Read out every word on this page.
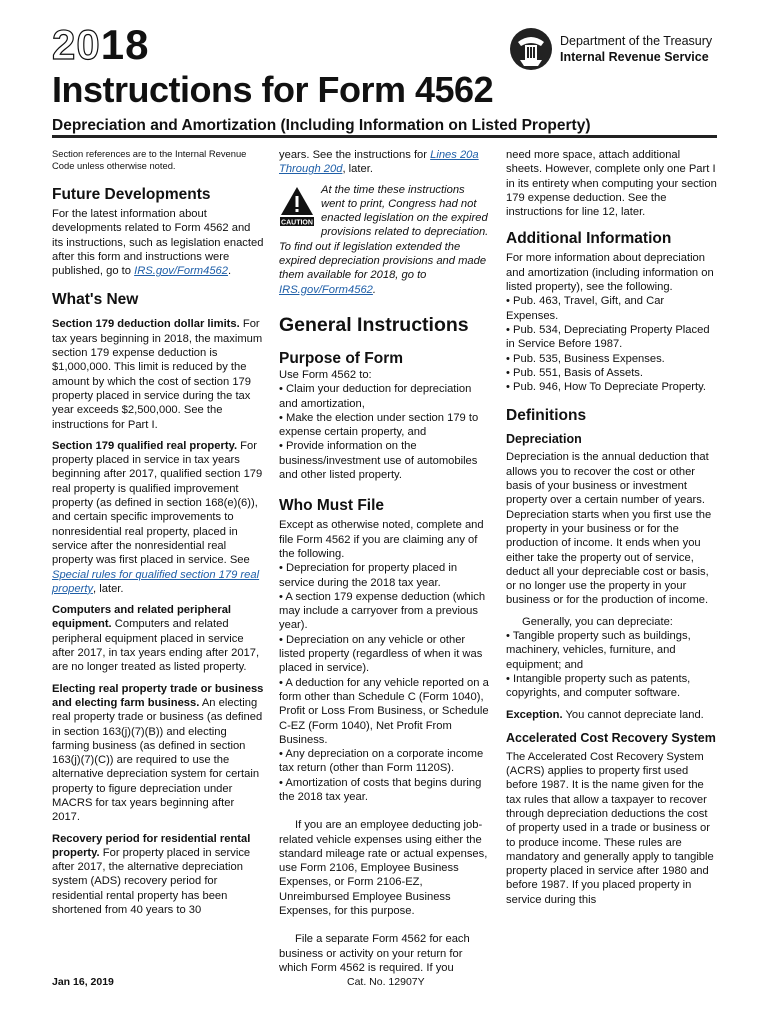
2018
Instructions for Form 4562
Depreciation and Amortization (Including Information on Listed Property)
Department of the Treasury
Internal Revenue Service

Section references are to the Internal Revenue Code unless otherwise noted.

Future Developments

For the latest information about developments related to Form 4562 and its instructions, such as legislation enacted after this form and instructions were published, go to IRS.gov/Form4562.

What's New

Section 179 deduction dollar limits. For tax years beginning in 2018, the maximum section 179 expense deduction is $1,000,000. This limit is reduced by the amount by which the cost of section 179 property placed in service during the tax year exceeds $2,500,000. See the instructions for Part I.

Section 179 qualified real property. For property placed in service in tax years beginning after 2017, qualified section 179 real property is qualified improvement property (as defined in section 168(e)(6)), and certain specific improvements to nonresidential real property, placed in service after the nonresidential real property was first placed in service. See Special rules for qualified section 179 real property, later.

Computers and related peripheral equipment. Computers and related peripheral equipment placed in service after 2017, in tax years ending after 2017, are no longer treated as listed property.

Electing real property trade or business and electing farm business. An electing real property trade or business (as defined in section 163(j)(7)(B)) and electing farming business (as defined in section 163(j)(7)(C)) are required to use the alternative depreciation system for certain property to figure depreciation under MACRS for tax years beginning after 2017.

Recovery period for residential rental property. For property placed in service after 2017, the alternative depreciation system (ADS) recovery period for residential rental property has been shortened from 40 years to 30

years. See the instructions for Lines 20a Through 20d, later.

CAUTION

At the time these instructions went to print, Congress had not enacted legislation on the expired provisions related to depreciation. To find out if legislation extended the expired depreciation provisions and made them available for 2018, go to IRS.gov/Form4562.

General Instructions
Purpose of Form

Use Form 4562 to:

• Claim your deduction for depreciation and amortization,

• Make the election under section 179 to expense certain property, and

• Provide information on the business/investment use of automobiles and other listed property.

Who Must File

Except as otherwise noted, complete and file Form 4562 if you are claiming any of the following.

• Depreciation for property placed in service during the 2018 tax year.

• A section 179 expense deduction (which may include a carryover from a previous year).

• Depreciation on any vehicle or other listed property (regardless of when it was placed in service).

• A deduction for any vehicle reported on a form other than Schedule C (Form 1040), Profit or Loss From Business, or Schedule C-EZ (Form 1040), Net Profit From Business.

• Any depreciation on a corporate income tax return (other than Form 1120S).

• Amortization of costs that begins during the 2018 tax year.

If you are an employee deducting job-related vehicle expenses using either the standard mileage rate or actual expenses, use Form 2106, Employee Business Expenses, or Form 2106-EZ, Unreimbursed Employee Business Expenses, for this purpose.

File a separate Form 4562 for each business or activity on your return for which Form 4562 is required. If you

need more space, attach additional sheets. However, complete only one Part I in its entirety when computing your section 179 expense deduction. See the instructions for line 12, later.

Additional Information

For more information about depreciation and amortization (including information on listed property), see the following.

• Pub. 463, Travel, Gift, and Car Expenses.

• Pub. 534, Depreciating Property Placed in Service Before 1987.

• Pub. 535, Business Expenses.

• Pub. 551, Basis of Assets.

• Pub. 946, How To Depreciate Property.

Definitions

Depreciation

Depreciation is the annual deduction that allows you to recover the cost or other basis of your business or investment property over a certain number of years. Depreciation starts when you first use the property in your business or for the production of income. It ends when you either take the property out of service, deduct all your depreciable cost or basis, or no longer use the property in your business or for the production of income.

Generally, you can depreciate:

• Tangible property such as buildings, machinery, vehicles, furniture, and equipment; and

• Intangible property such as patents, copyrights, and computer software.

Exception. You cannot depreciate land.

Accelerated Cost Recovery System

The Accelerated Cost Recovery System (ACRS) applies to property first used before 1987. It is the name given for the tax rules that allow a taxpayer to recover through depreciation deductions the cost of property used in a trade or business or to produce income. These rules are mandatory and generally apply to tangible property placed in service after 1980 and before 1987. If you placed property in service during this

Jan 16, 2019	Cat. No. 12907Y
